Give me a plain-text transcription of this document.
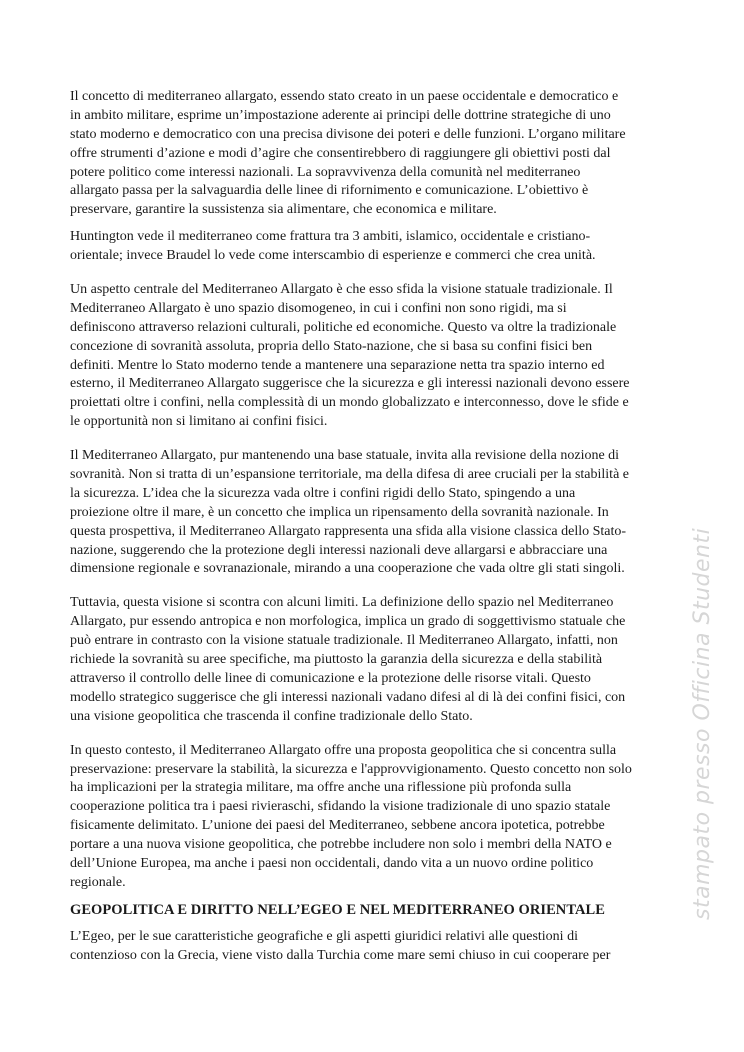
Il concetto di mediterraneo allargato, essendo stato creato in un paese occidentale e democratico e
in ambito militare, esprime un’impostazione aderente ai principi delle dottrine strategiche di uno
stato moderno e democratico con una precisa divisone dei poteri e delle funzioni. L’organo militare
offre strumenti d’azione e modi d’agire che consentirebbero di raggiungere gli obiettivi posti dal
potere politico come interessi nazionali. La sopravvivenza della comunità nel mediterraneo
allargato passa per la salvaguardia delle linee di rifornimento e comunicazione. L’obiettivo è
preservare, garantire la sussistenza sia alimentare, che economica e militare.
Huntington vede il mediterraneo come frattura tra 3 ambiti, islamico, occidentale e cristiano-
orientale; invece Braudel lo vede come interscambio di esperienze e commerci che crea unità.
Un aspetto centrale del Mediterraneo Allargato è che esso sfida la visione statuale tradizionale. Il
Mediterraneo Allargato è uno spazio disomogeneo, in cui i confini non sono rigidi, ma si
definiscono attraverso relazioni culturali, politiche ed economiche. Questo va oltre la tradizionale
concezione di sovranità assoluta, propria dello Stato-nazione, che si basa su confini fisici ben
definiti. Mentre lo Stato moderno tende a mantenere una separazione netta tra spazio interno ed
esterno, il Mediterraneo Allargato suggerisce che la sicurezza e gli interessi nazionali devono essere
proiettati oltre i confini, nella complessità di un mondo globalizzato e interconnesso, dove le sfide e
le opportunità non si limitano ai confini fisici.
Il Mediterraneo Allargato, pur mantenendo una base statuale, invita alla revisione della nozione di
sovranità. Non si tratta di un’espansione territoriale, ma della difesa di aree cruciali per la stabilità e
la sicurezza. L’idea che la sicurezza vada oltre i confini rigidi dello Stato, spingendo a una
proiezione oltre il mare, è un concetto che implica un ripensamento della sovranità nazionale. In
questa prospettiva, il Mediterraneo Allargato rappresenta una sfida alla visione classica dello Stato-
nazione, suggerendo che la protezione degli interessi nazionali deve allargarsi e abbracciare una
dimensione regionale e sovranazionale, mirando a una cooperazione che vada oltre gli stati singoli.
Tuttavia, questa visione si scontra con alcuni limiti. La definizione dello spazio nel Mediterraneo
Allargato, pur essendo antropica e non morfologica, implica un grado di soggettivismo statuale che
può entrare in contrasto con la visione statuale tradizionale. Il Mediterraneo Allargato, infatti, non
richiede la sovranità su aree specifiche, ma piuttosto la garanzia della sicurezza e della stabilità
attraverso il controllo delle linee di comunicazione e la protezione delle risorse vitali. Questo
modello strategico suggerisce che gli interessi nazionali vadano difesi al di là dei confini fisici, con
una visione geopolitica che trascenda il confine tradizionale dello Stato.
In questo contesto, il Mediterraneo Allargato offre una proposta geopolitica che si concentra sulla
preservazione: preservare la stabilità, la sicurezza e l'approvvigionamento. Questo concetto non solo
ha implicazioni per la strategia militare, ma offre anche una riflessione più profonda sulla
cooperazione politica tra i paesi rivieraschi, sfidando la visione tradizionale di uno spazio statale
fisicamente delimitato. L’unione dei paesi del Mediterraneo, sebbene ancora ipotetica, potrebbe
portare a una nuova visione geopolitica, che potrebbe includere non solo i membri della NATO e
dell’Unione Europea, ma anche i paesi non occidentali, dando vita a un nuovo ordine politico
regionale.
GEOPOLITICA E DIRITTO NELL’EGEO E NEL MEDITERRANEO ORIENTALE
L’Egeo, per le sue caratteristiche geografiche e gli aspetti giuridici relativi alle questioni di
contenzioso con la Grecia, viene visto dalla Turchia come mare semi chiuso in cui cooperare per
stampato presso Officina Studenti
